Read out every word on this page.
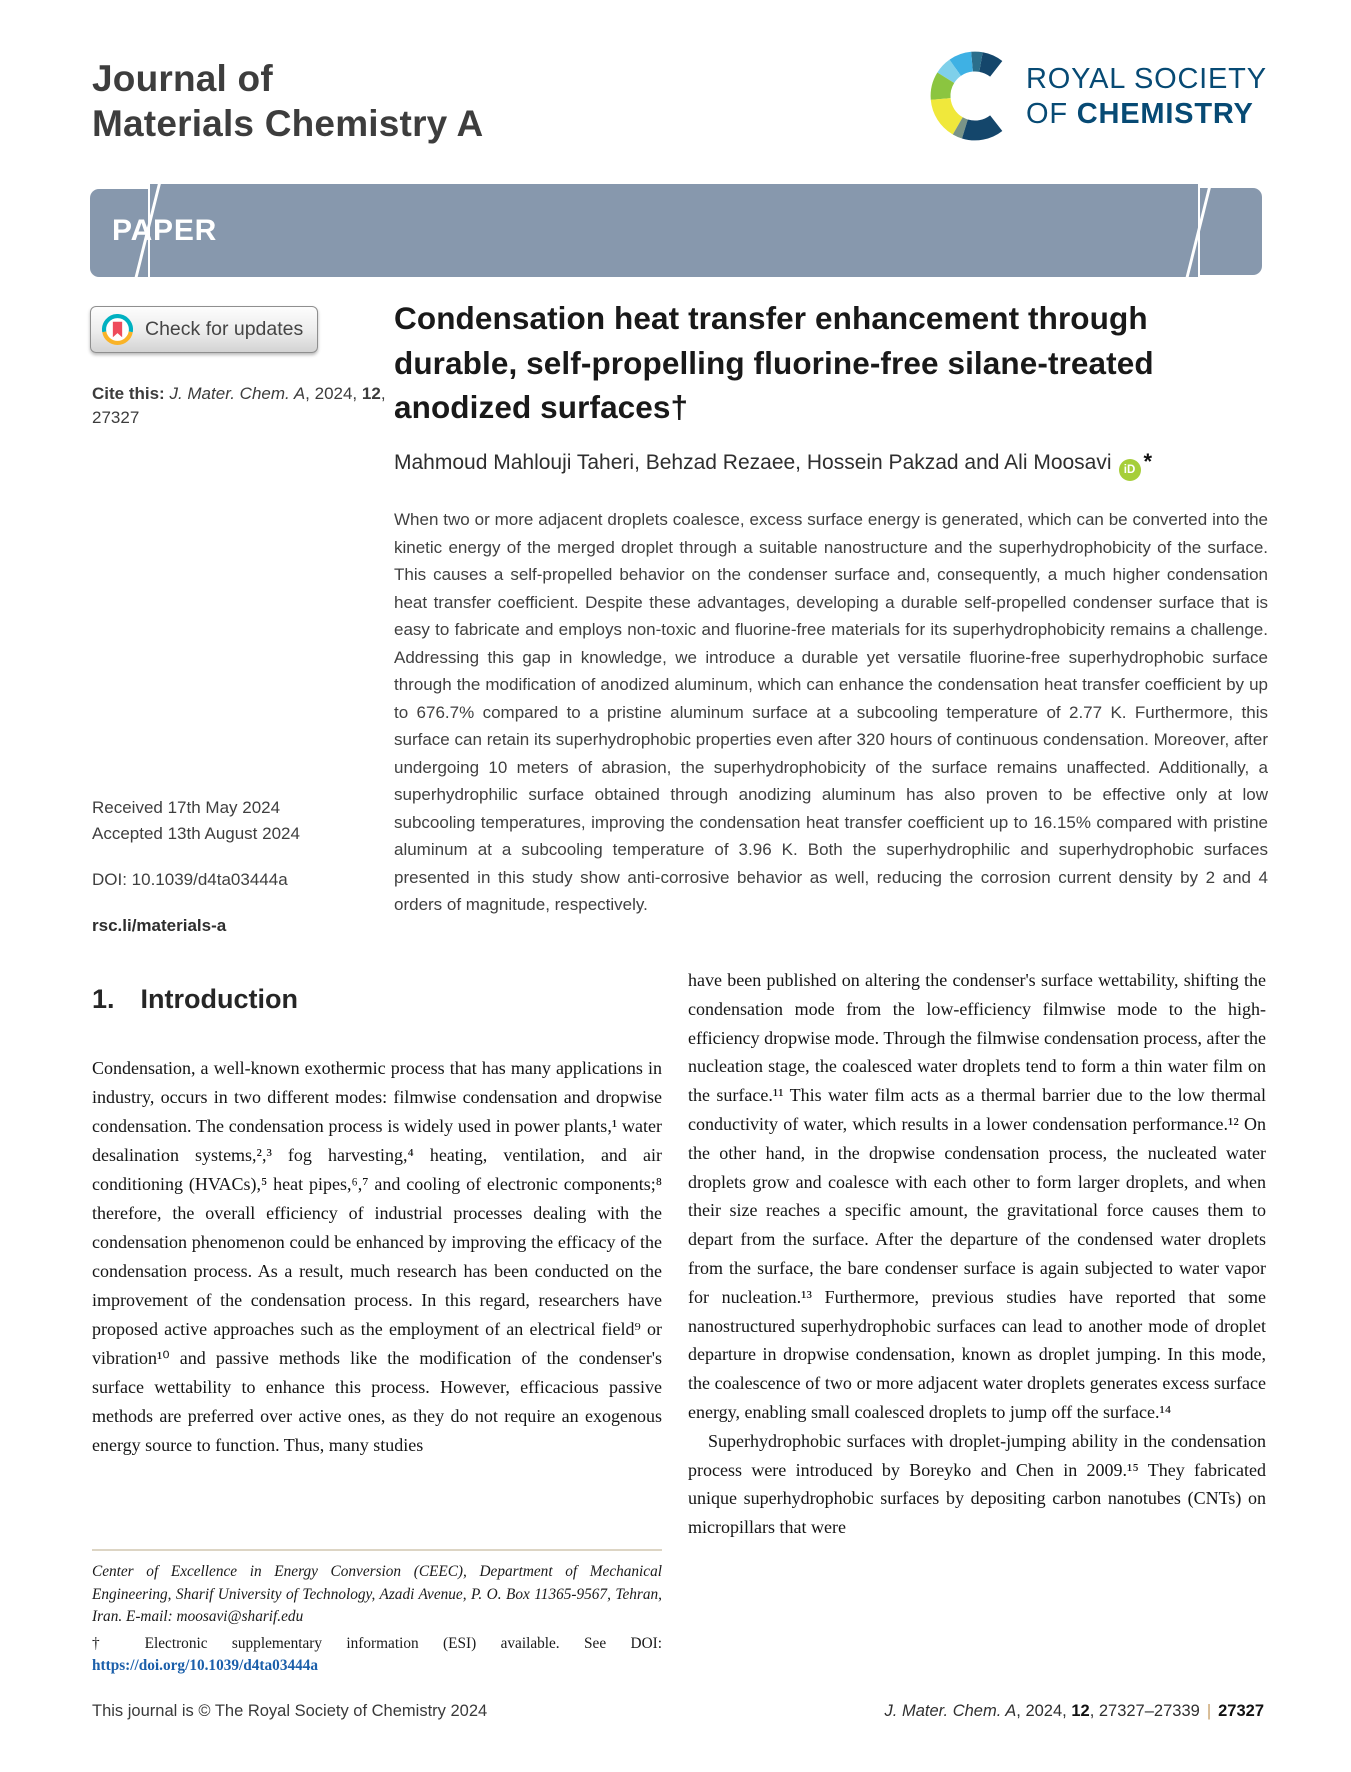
Journal of
Materials Chemistry A
ROYAL SOCIETY
OF CHEMISTRY
PAPER
Check for updates
Cite this: J. Mater. Chem. A, 2024, 12,
27327
Condensation heat transfer enhancement through durable, self-propelling fluorine-free silane-treated anodized surfaces†
Mahmoud Mahlouji Taheri, Behzad Rezaee, Hossein Pakzad and Ali Moosavi iD *
When two or more adjacent droplets coalesce, excess surface energy is generated, which can be converted into the kinetic energy of the merged droplet through a suitable nanostructure and the superhydrophobicity of the surface. This causes a self-propelled behavior on the condenser surface and, consequently, a much higher condensation heat transfer coefficient. Despite these advantages, developing a durable self-propelled condenser surface that is easy to fabricate and employs non-toxic and fluorine-free materials for its superhydrophobicity remains a challenge. Addressing this gap in knowledge, we introduce a durable yet versatile fluorine-free superhydrophobic surface through the modification of anodized aluminum, which can enhance the condensation heat transfer coefficient by up to 676.7% compared to a pristine aluminum surface at a subcooling temperature of 2.77 K. Furthermore, this surface can retain its superhydrophobic properties even after 320 hours of continuous condensation. Moreover, after undergoing 10 meters of abrasion, the superhydrophobicity of the surface remains unaffected. Additionally, a superhydrophilic surface obtained through anodizing aluminum has also proven to be effective only at low subcooling temperatures, improving the condensation heat transfer coefficient up to 16.15% compared with pristine aluminum at a subcooling temperature of 3.96 K. Both the superhydrophilic and superhydrophobic surfaces presented in this study show anti-corrosive behavior as well, reducing the corrosion current density by 2 and 4 orders of magnitude, respectively.
Received 17th May 2024
Accepted 13th August 2024
DOI: 10.1039/d4ta03444a
rsc.li/materials-a
1. Introduction
Condensation, a well-known exothermic process that has many applications in industry, occurs in two different modes: filmwise condensation and dropwise condensation. The condensation process is widely used in power plants,¹ water desalination systems,²,³ fog harvesting,⁴ heating, ventilation, and air conditioning (HVACs),⁵ heat pipes,⁶,⁷ and cooling of electronic components;⁸ therefore, the overall efficiency of industrial processes dealing with the condensation phenomenon could be enhanced by improving the efficacy of the condensation process. As a result, much research has been conducted on the improvement of the condensation process. In this regard, researchers have proposed active approaches such as the employment of an electrical field⁹ or vibration¹⁰ and passive methods like the modification of the condenser's surface wettability to enhance this process. However, efficacious passive methods are preferred over active ones, as they do not require an exogenous energy source to function. Thus, many studies
have been published on altering the condenser's surface wettability, shifting the condensation mode from the low-efficiency filmwise mode to the high-efficiency dropwise mode. Through the filmwise condensation process, after the nucleation stage, the coalesced water droplets tend to form a thin water film on the surface.¹¹ This water film acts as a thermal barrier due to the low thermal conductivity of water, which results in a lower condensation performance.¹² On the other hand, in the dropwise condensation process, the nucleated water droplets grow and coalesce with each other to form larger droplets, and when their size reaches a specific amount, the gravitational force causes them to depart from the surface. After the departure of the condensed water droplets from the surface, the bare condenser surface is again subjected to water vapor for nucleation.¹³ Furthermore, previous studies have reported that some nanostructured superhydrophobic surfaces can lead to another mode of droplet departure in dropwise condensation, known as droplet jumping. In this mode, the coalescence of two or more adjacent water droplets generates excess surface energy, enabling small coalesced droplets to jump off the surface.¹⁴
Superhydrophobic surfaces with droplet-jumping ability in the condensation process were introduced by Boreyko and Chen in 2009.¹⁵ They fabricated unique superhydrophobic surfaces by depositing carbon nanotubes (CNTs) on micropillars that were
Center of Excellence in Energy Conversion (CEEC), Department of Mechanical Engineering, Sharif University of Technology, Azadi Avenue, P. O. Box 11365-9567, Tehran, Iran. E-mail: moosavi@sharif.edu
† Electronic supplementary information (ESI) available. See DOI:
https://doi.org/10.1039/d4ta03444a
This journal is © The Royal Society of Chemistry 2024	J. Mater. Chem. A, 2024, 12, 27327–27339 | 27327
